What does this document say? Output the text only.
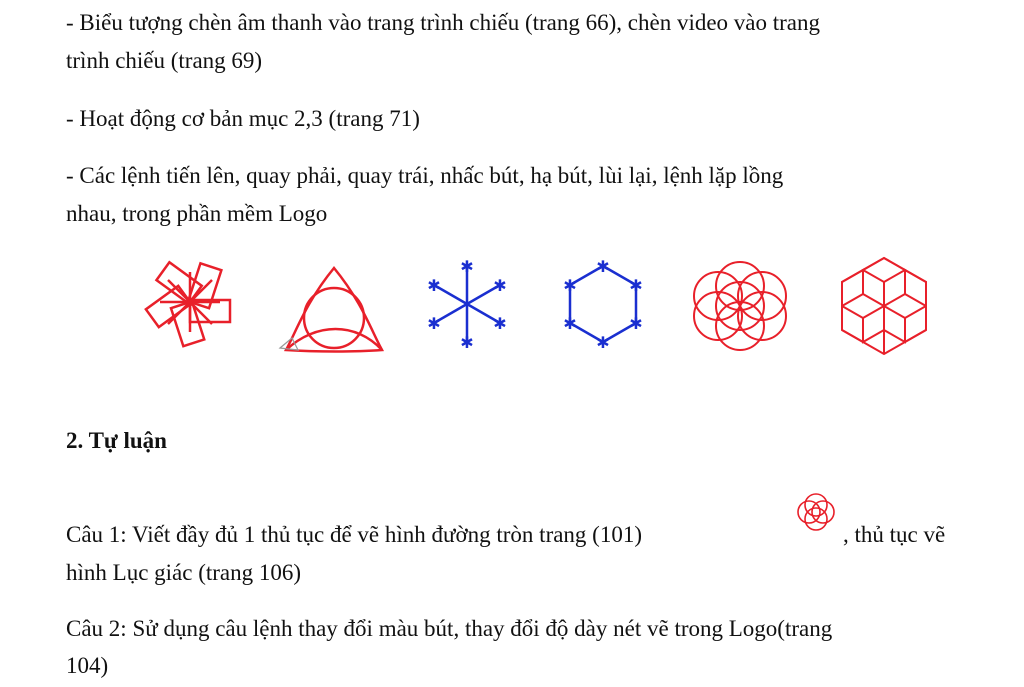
- Biểu tượng chèn âm thanh vào trang trình chiếu (trang 66), chèn video vào trang
trình chiếu (trang 69)
- Hoạt động cơ bản mục 2,3 (trang 71)
- Các lệnh tiến lên, quay phải, quay trái, nhấc bút, hạ bút, lùi lại, lệnh lặp lồng
nhau, trong phần mềm Logo
✱
✱
✱	✱
✱	✱
✱
✱
✱
✱
✱
✱
2. Tự luận
Câu 1: Viết đầy đủ 1 thủ tục để vẽ hình đường tròn trang (101)	, thủ tục vẽ
hình Lục giác (trang 106)
Câu 2: Sử dụng câu lệnh thay đổi màu bút, thay đổi độ dày nét vẽ trong Logo(trang
104)
